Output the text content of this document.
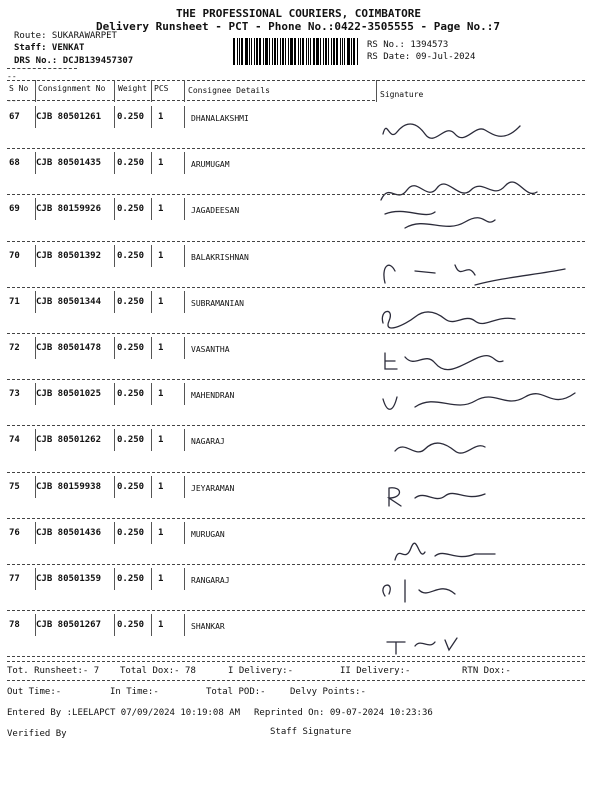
THE PROFESSIONAL COURIERS, COIMBATORE
Delivery Runsheet - PCT - Phone No.:0422-3505555 - Page No.:7
Route: SUKARAWARPET
Staff: VENKAT
DRS No.: DCJB139457307
RS No.: 1394573
RS Date: 09-Jul-2024
--
S No Consignment No Weight PCS Consignee Details	Signature
--
67 CJB 80501261 0.250 1	DHANALAKSHMI
68 CJB 80501435 0.250 1	ARUMUGAM
69 CJB 80159926 0.250 1	JAGADEESAN
70 CJB 80501392 0.250 1	BALAKRISHNAN
71 CJB 80501344 0.250 1	SUBRAMANIAN
72 CJB 80501478 0.250 1	VASANTHA
73 CJB 80501025 0.250 1	MAHENDRAN
74 CJB 80501262 0.250 1	NAGARAJ
75 CJB 80159938 0.250 1	JEYARAMAN
76 CJB 80501436 0.250 1	MURUGAN
77 CJB 80501359 0.250 1	RANGARAJ
78 CJB 80501267 0.250 1	SHANKAR
Tot. Runsheet:- 7 Total Dox:- 78	I Delivery:-	II Delivery:-	RTN Dox:-
Out Time:-	In Time:-	Total POD:-	Delvy Points:-
Entered By :LEELAPCT 07/09/2024 10:19:08 AM Reprinted On: 09-07-2024 10:23:36
Verified By	Staff Signature
